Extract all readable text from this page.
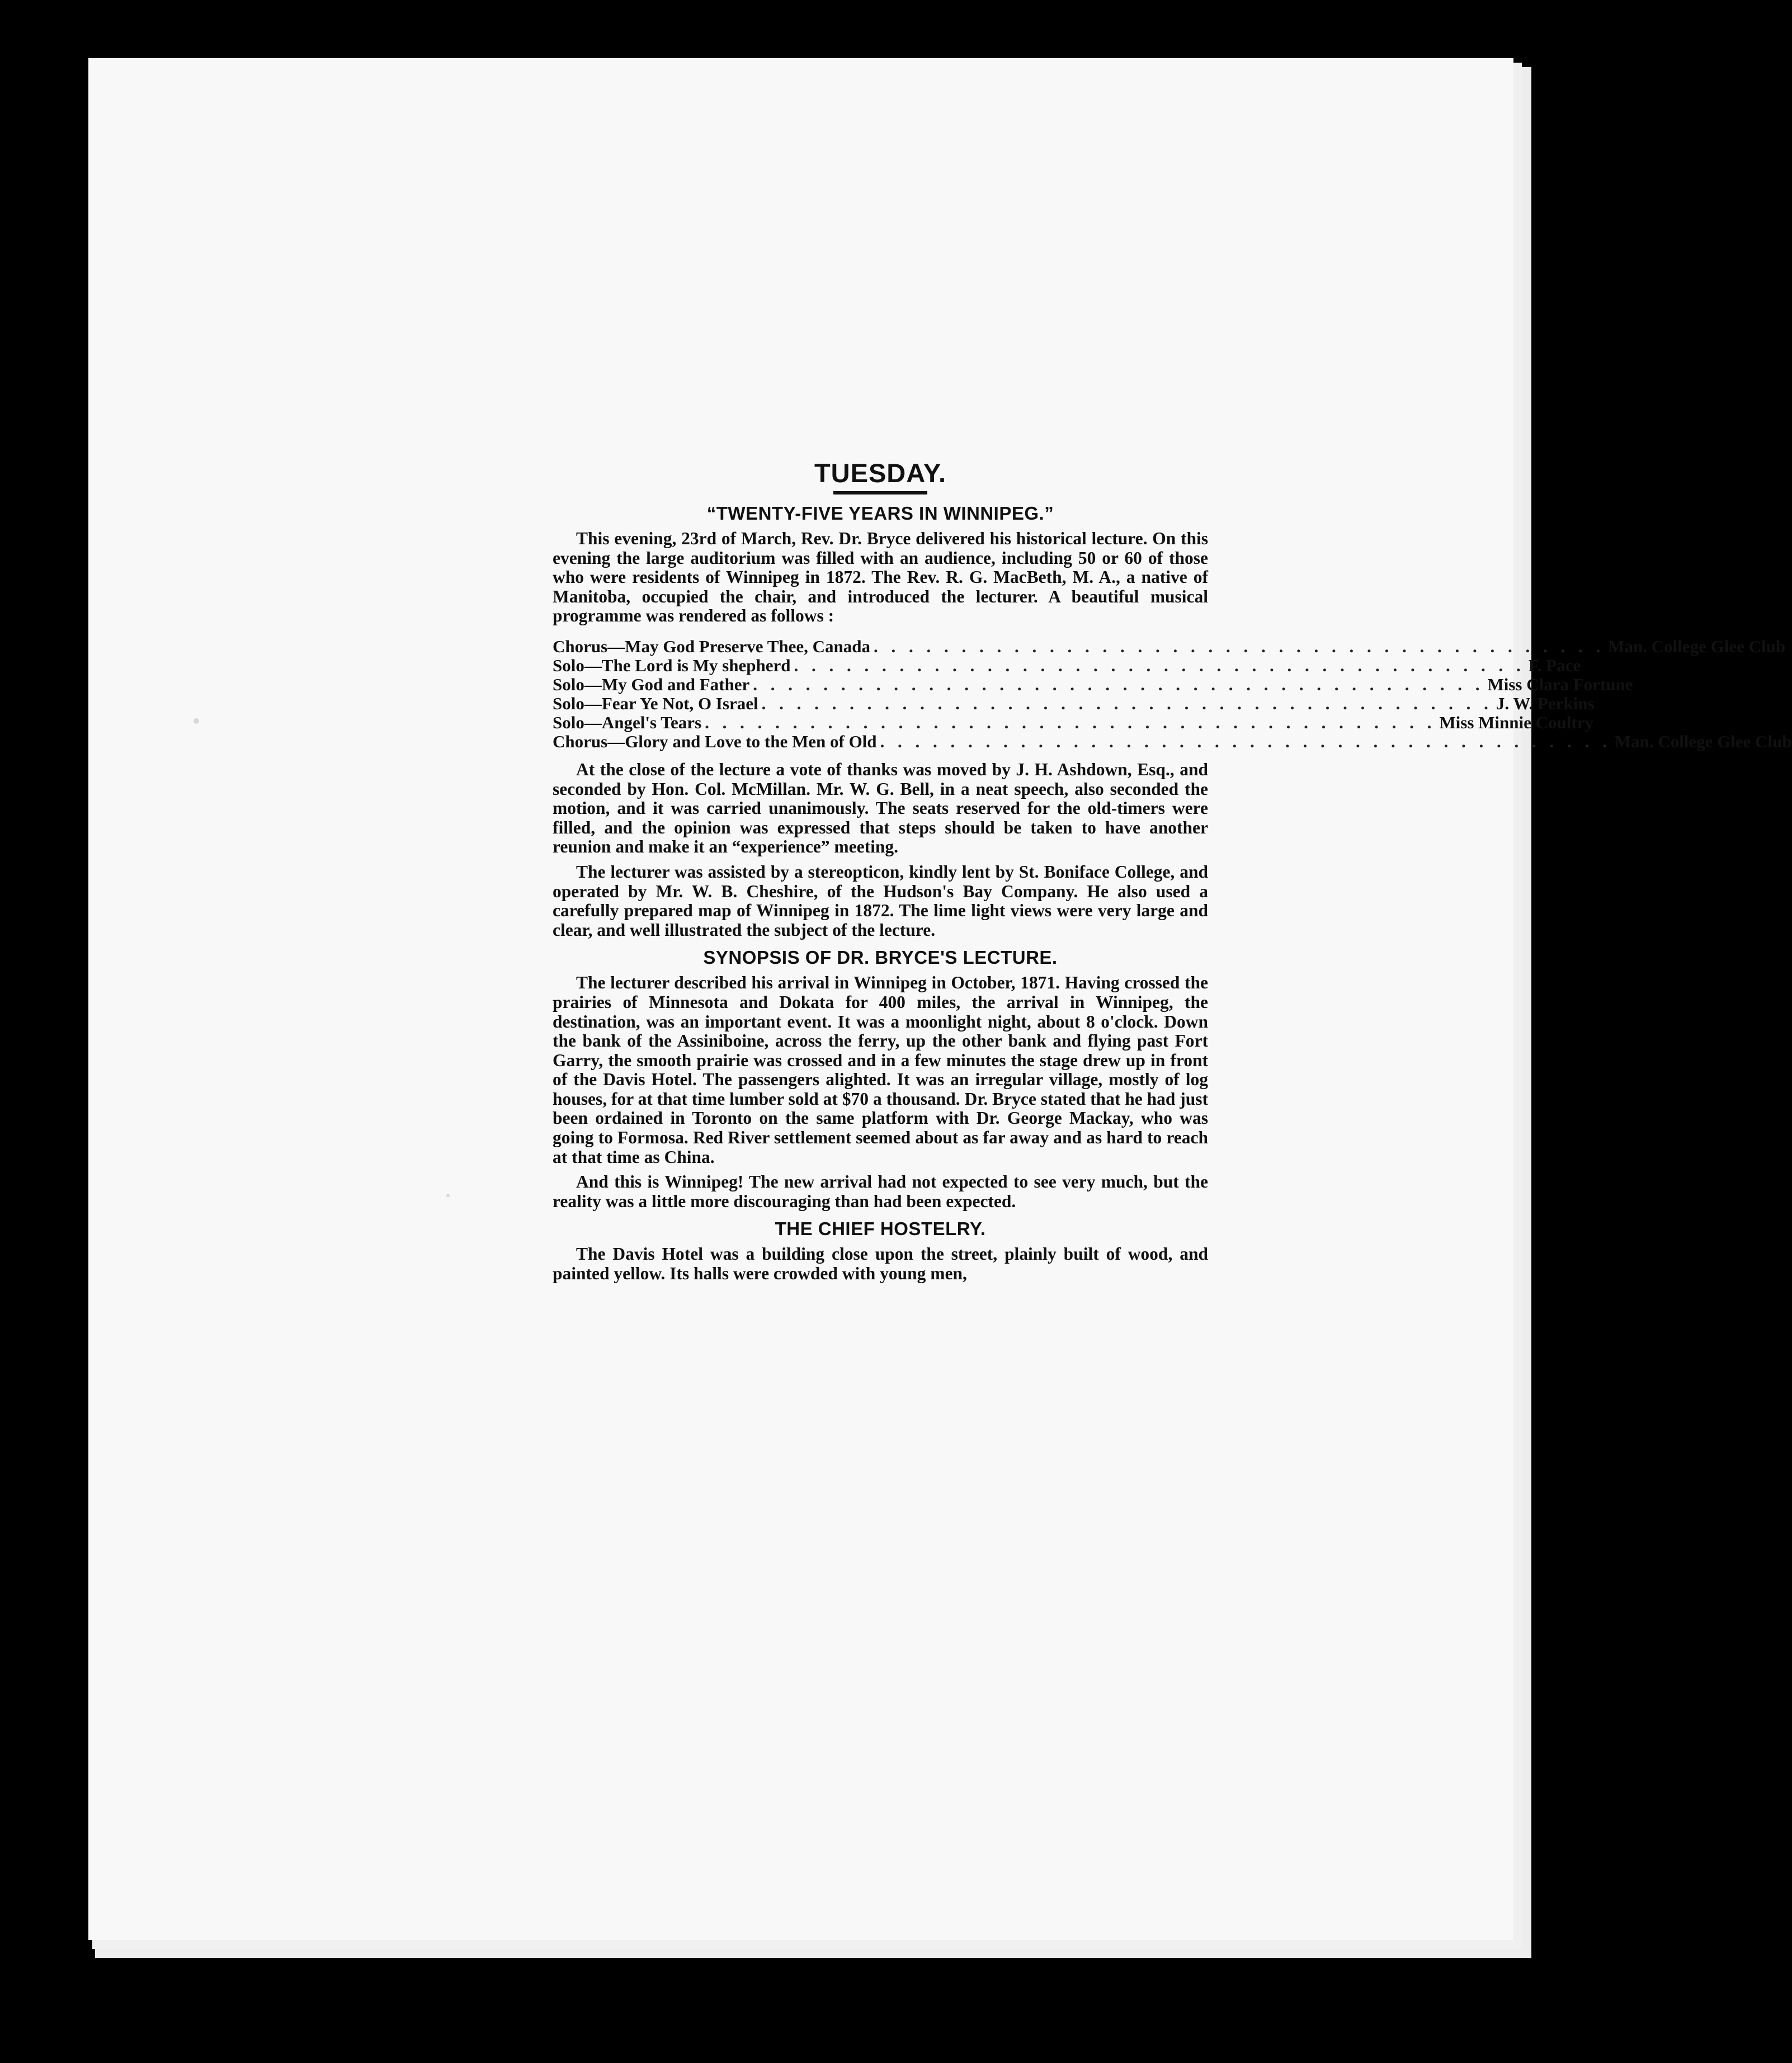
TUESDAY.
“TWENTY-FIVE YEARS IN WINNIPEG.”

This evening, 23rd of March, Rev. Dr. Bryce delivered his historical lecture. On this evening the large auditorium was filled with an audience, including 50 or 60 of those who were residents of Winnipeg in 1872. The Rev. R. G. MacBeth, M. A., a native of Manitoba, occupied the chair, and introduced the lecturer. A beautiful musical programme was rendered as follows :

Chorus—May God Preserve Thee, Canada . . . . . . . . . . . . . . . . . . . . . . . . . . . . . . . . . . . . . . . . . . Man. College Glee Club
Solo—The Lord is My shepherd . . . . . . . . . . . . . . . . . . . . . . . . . . . . . . . . . . . . . . . . . . F. Pace
Solo—My God and Father . . . . . . . . . . . . . . . . . . . . . . . . . . . . . . . . . . . . . . . . . . Miss Clara Fortune
Solo—Fear Ye Not, O Israel . . . . . . . . . . . . . . . . . . . . . . . . . . . . . . . . . . . . . . . . . . J. W. Perkins
Solo—Angel's Tears . . . . . . . . . . . . . . . . . . . . . . . . . . . . . . . . . . . . . . . . . . Miss Minnie Coultry
Chorus—Glory and Love to the Men of Old . . . . . . . . . . . . . . . . . . . . . . . . . . . . . . . . . . . . . . . . . . Man. College Glee Club

At the close of the lecture a vote of thanks was moved by J. H. Ashdown, Esq., and seconded by Hon. Col. McMillan. Mr. W. G. Bell, in a neat speech, also seconded the motion, and it was carried unanimously. The seats reserved for the old-timers were filled, and the opinion was expressed that steps should be taken to have another reunion and make it an “experience” meeting.

The lecturer was assisted by a stereopticon, kindly lent by St. Boniface College, and operated by Mr. W. B. Cheshire, of the Hudson's Bay Company. He also used a carefully prepared map of Winnipeg in 1872. The lime light views were very large and clear, and well illustrated the subject of the lecture.

SYNOPSIS OF DR. BRYCE'S LECTURE.

The lecturer described his arrival in Winnipeg in October, 1871. Having crossed the prairies of Minnesota and Dokata for 400 miles, the arrival in Winnipeg, the destination, was an important event. It was a moonlight night, about 8 o'clock. Down the bank of the Assiniboine, across the ferry, up the other bank and flying past Fort Garry, the smooth prairie was crossed and in a few minutes the stage drew up in front of the Davis Hotel. The passengers alighted. It was an irregular village, mostly of log houses, for at that time lumber sold at $70 a thousand. Dr. Bryce stated that he had just been ordained in Toronto on the same platform with Dr. George Mackay, who was going to Formosa. Red River settlement seemed about as far away and as hard to reach at that time as China.

And this is Winnipeg! The new arrival had not expected to see very much, but the reality was a little more discouraging than had been expected.

THE CHIEF HOSTELRY.

The Davis Hotel was a building close upon the street, plainly built of wood, and painted yellow. Its halls were crowded with young men,
